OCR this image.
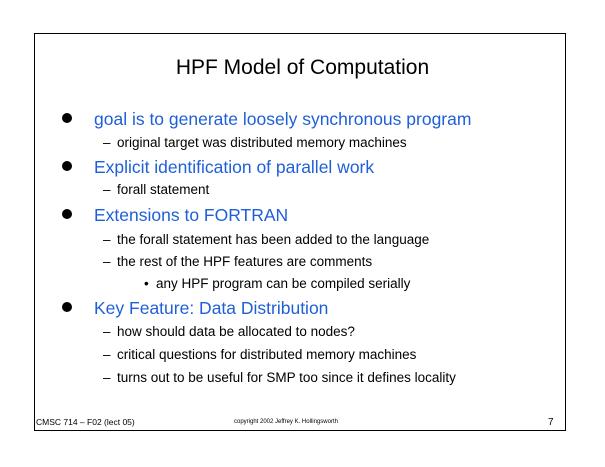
HPF Model of Computation
goal is to generate loosely synchronous program
– original target was distributed memory machines
Explicit identification of parallel work
– forall statement
Extensions to FORTRAN
– the forall statement has been added to the language
– the rest of the HPF features are comments
• any HPF program can be compiled serially
Key Feature: Data Distribution
– how should data be allocated to nodes?
– critical questions for distributed memory machines
– turns out to be useful for SMP too since it defines locality
CMSC 714 – F02 (lect 05)	copyright 2002 Jeffrey K. Hollingsworth	7
